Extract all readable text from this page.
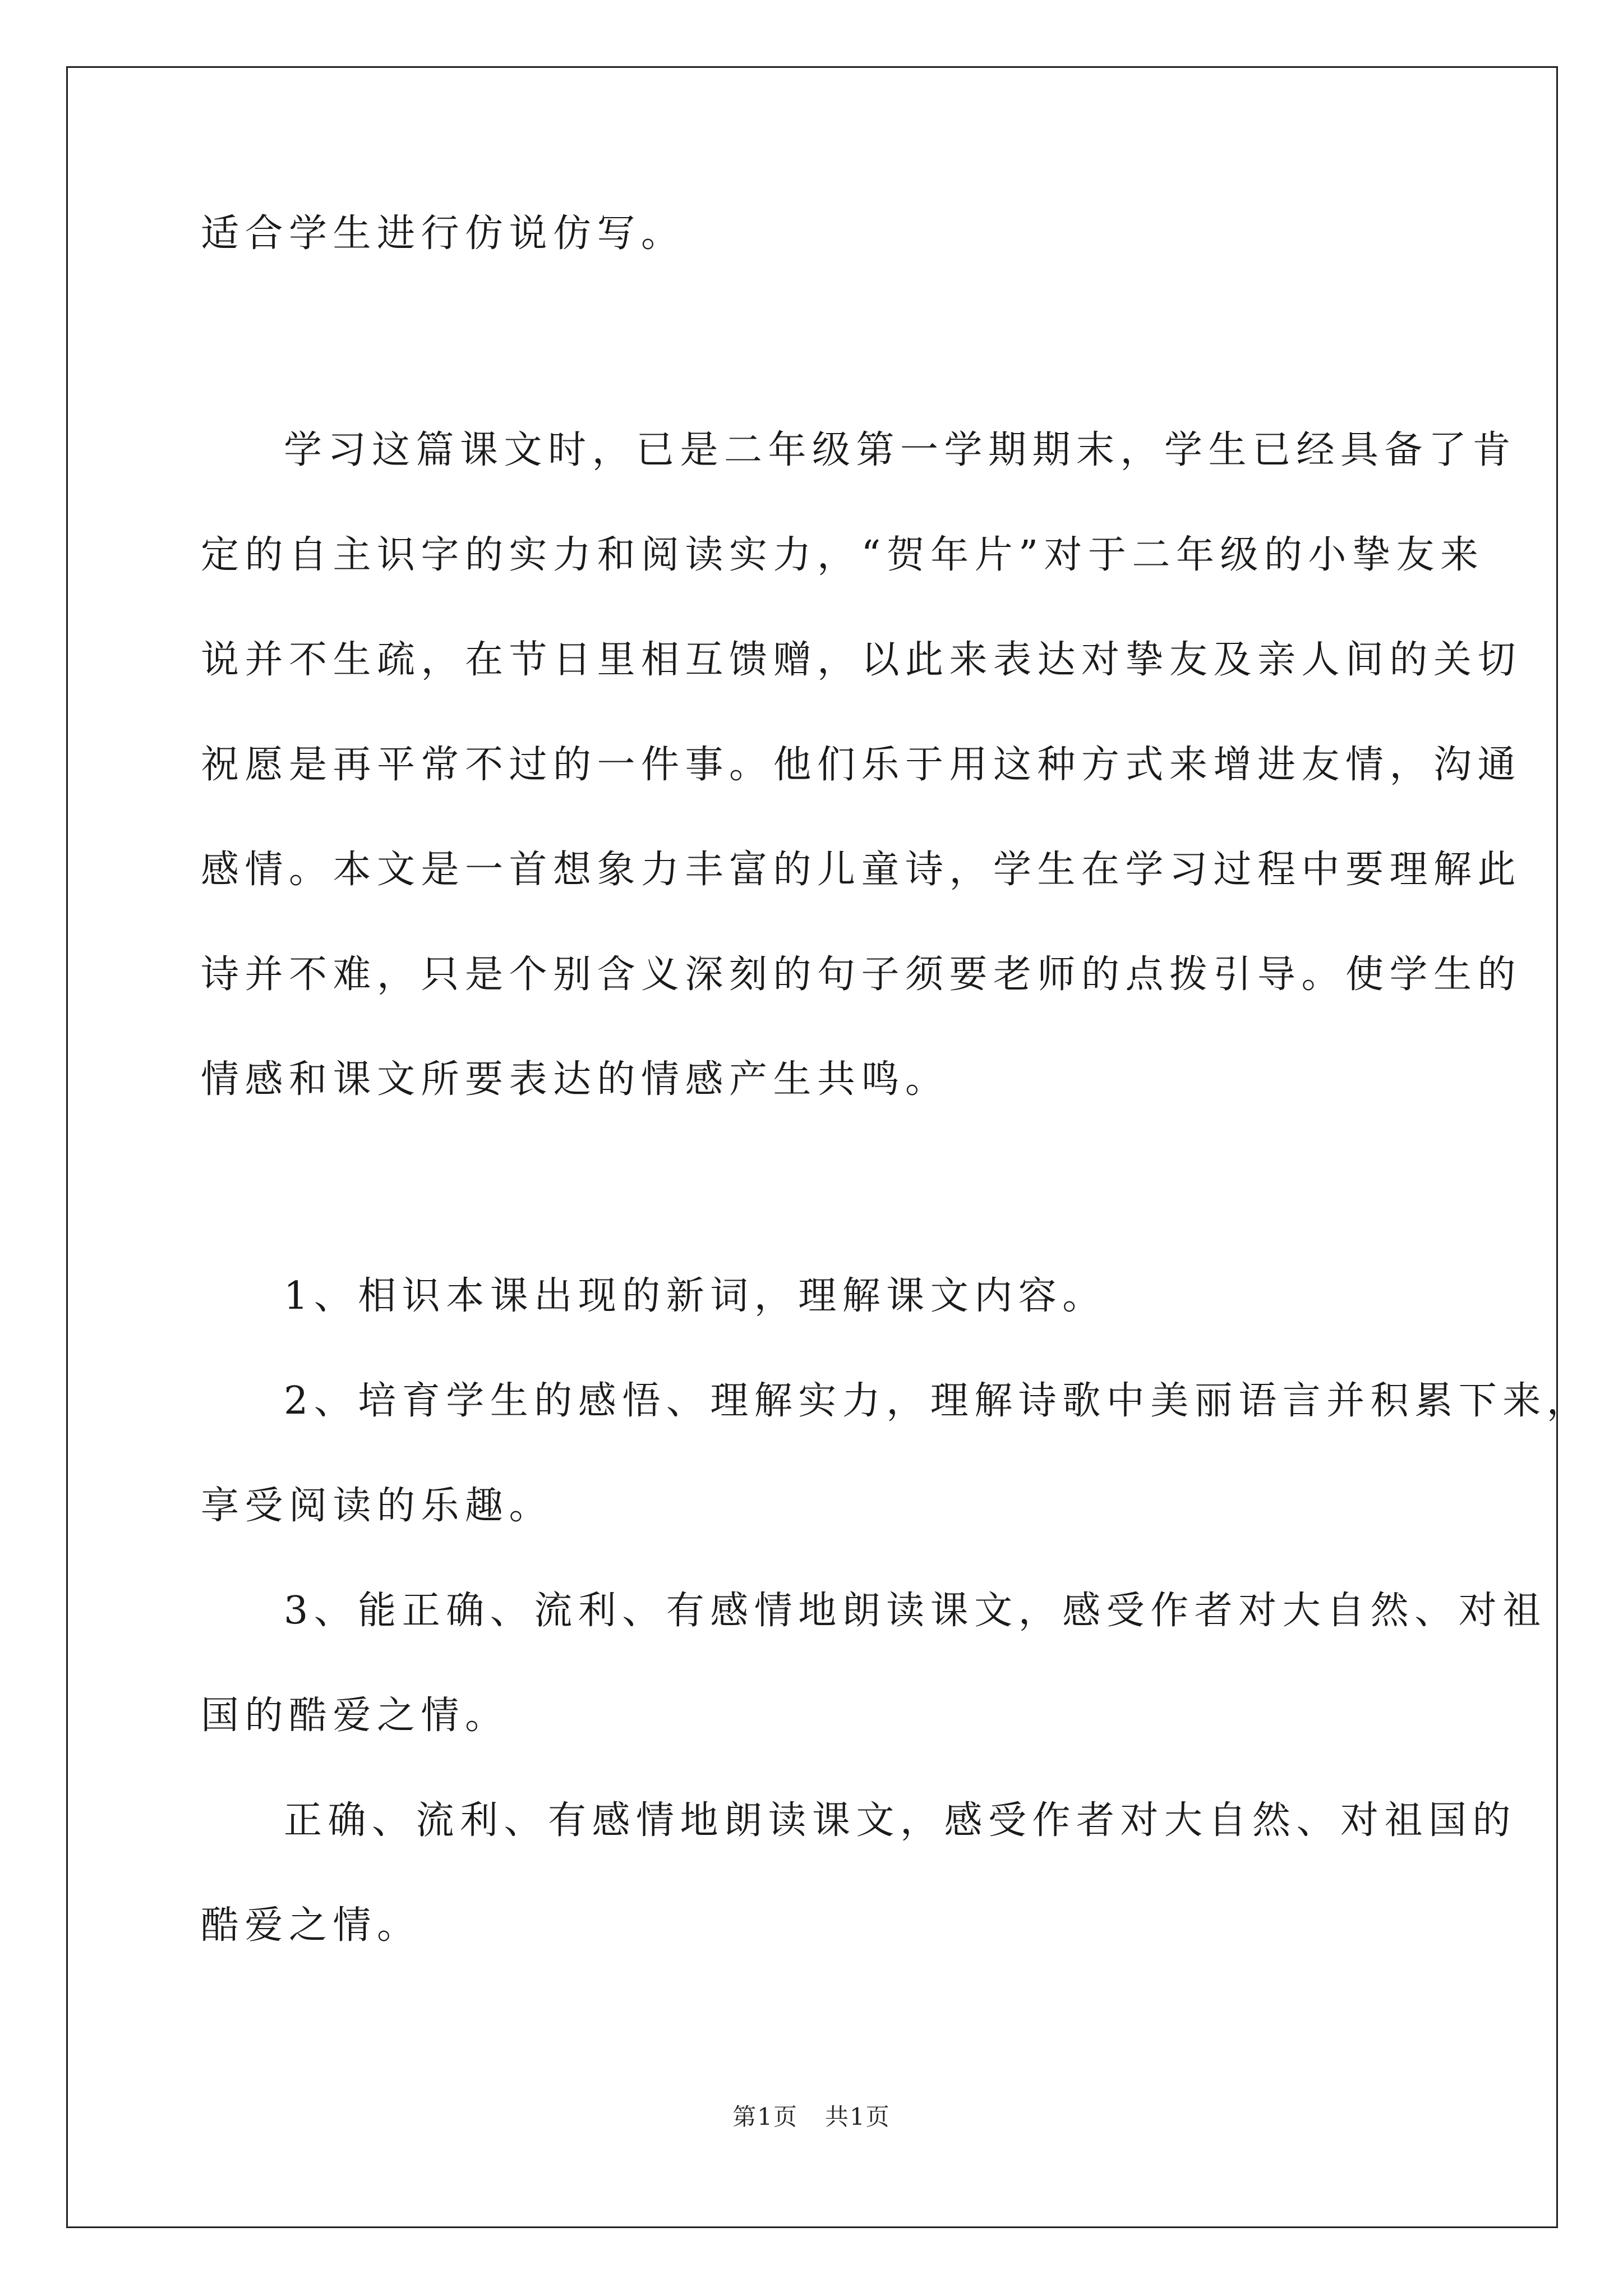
适合学生进行仿说仿写。
学习这篇课文时，已是二年级第一学期期末，学生已经具备了肯
定的自主识字的实力和阅读实力，“贺年片”对于二年级的小挚友来
说并不生疏，在节日里相互馈赠，以此来表达对挚友及亲人间的关切
祝愿是再平常不过的一件事。他们乐于用这种方式来增进友情，沟通
感情。本文是一首想象力丰富的儿童诗，学生在学习过程中要理解此
诗并不难，只是个别含义深刻的句子须要老师的点拨引导。使学生的
情感和课文所要表达的情感产生共鸣。
1、相识本课出现的新词，理解课文内容。
2、培育学生的感悟、理解实力，理解诗歌中美丽语言并积累下来，
享受阅读的乐趣。
3、能正确、流利、有感情地朗读课文，感受作者对大自然、对祖
国的酷爱之情。
正确、流利、有感情地朗读课文，感受作者对大自然、对祖国的
酷爱之情。
第1页 共1页
